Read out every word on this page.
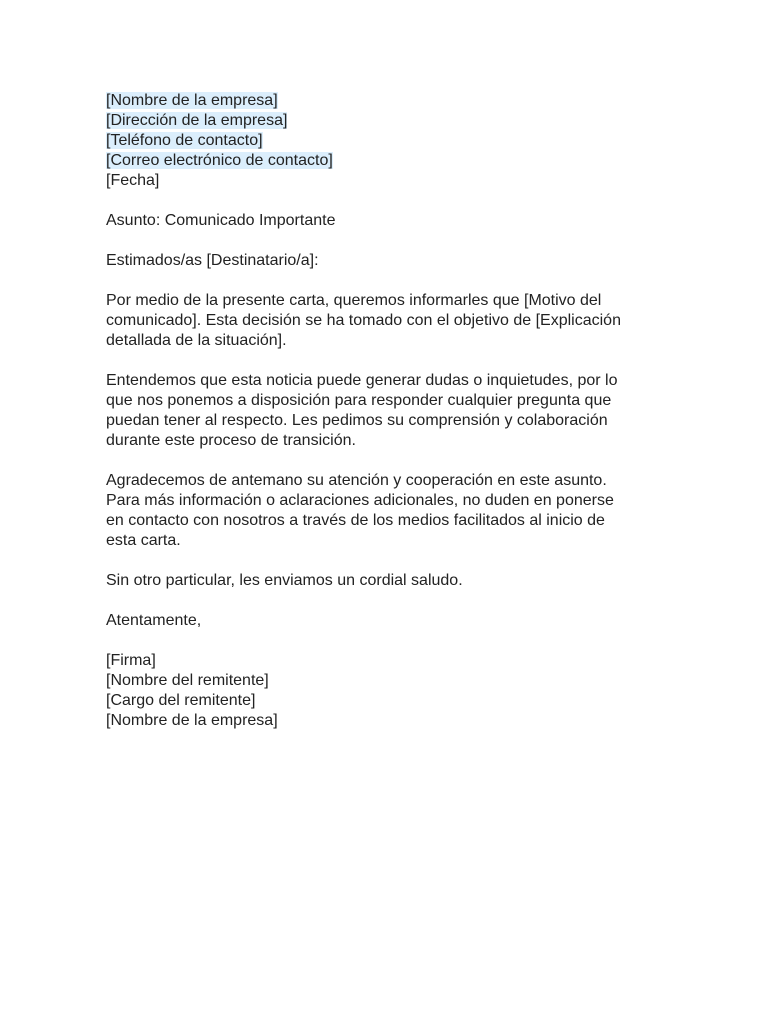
[Nombre de la empresa]
[Dirección de la empresa]
[Teléfono de contacto]
[Correo electrónico de contacto]
[Fecha]

Asunto: Comunicado Importante

Estimados/as [Destinatario/a]:

Por medio de la presente carta, queremos informarles que [Motivo del
comunicado]. Esta decisión se ha tomado con el objetivo de [Explicación
detallada de la situación].

Entendemos que esta noticia puede generar dudas o inquietudes, por lo
que nos ponemos a disposición para responder cualquier pregunta que
puedan tener al respecto. Les pedimos su comprensión y colaboración
durante este proceso de transición.

Agradecemos de antemano su atención y cooperación en este asunto.
Para más información o aclaraciones adicionales, no duden en ponerse
en contacto con nosotros a través de los medios facilitados al inicio de
esta carta.

Sin otro particular, les enviamos un cordial saludo.

Atentamente,

[Firma]
[Nombre del remitente]
[Cargo del remitente]
[Nombre de la empresa]
